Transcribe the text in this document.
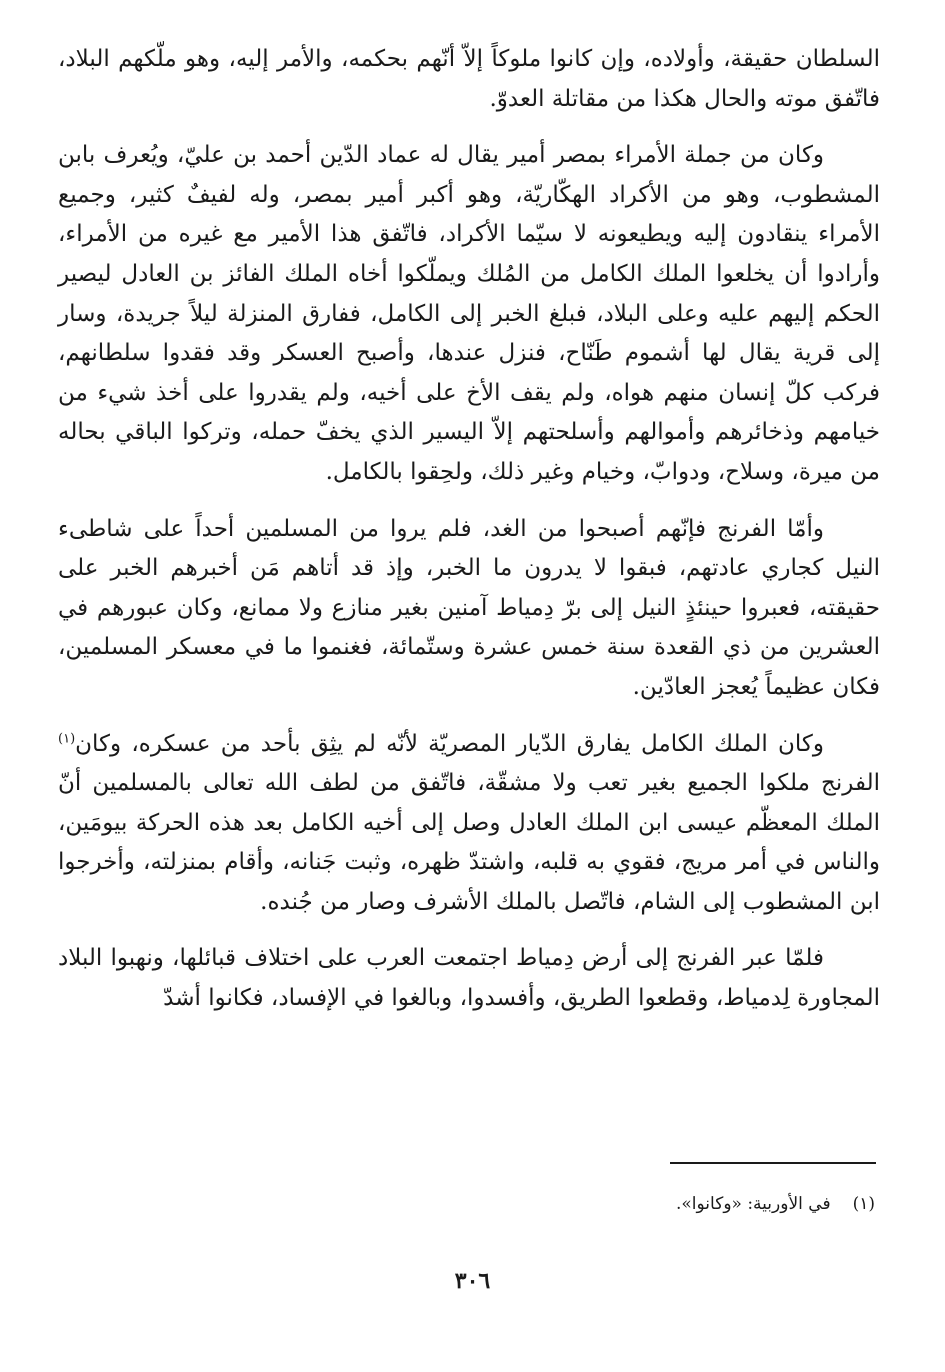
السلطان حقيقة، وأولاده، وإن كانوا ملوكاً إلاّ أنّهم بحكمه، والأمر إليه، وهو ملّكهم البلاد، فاتّفق موته والحال هكذا من مقاتلة العدوّ.

وكان من جملة الأمراء بمصر أمير يقال له عماد الدّين أحمد بن عليّ، ويُعرف بابن المشطوب، وهو من الأكراد الهكّاريّة، وهو أكبر أمير بمصر، وله لفيفٌ كثير، وجميع الأمراء ينقادون إليه ويطيعونه لا سيّما الأكراد، فاتّفق هذا الأمير مع غيره من الأمراء، وأرادوا أن يخلعوا الملك الكامل من المُلك ويملّكوا أخاه الملك الفائز بن العادل ليصير الحكم إليهم عليه وعلى البلاد، فبلغ الخبر إلى الكامل، ففارق المنزلة ليلاً جريدة، وسار إلى قرية يقال لها أشموم طَنّاح، فنزل عندها، وأصبح العسكر وقد فقدوا سلطانهم، فركب كلّ إنسان منهم هواه، ولم يقف الأخ على أخيه، ولم يقدروا على أخذ شيء من خيامهم وذخائرهم وأموالهم وأسلحتهم إلاّ اليسير الذي يخفّ حمله، وتركوا الباقي بحاله من ميرة، وسلاح، ودوابّ، وخيام وغير ذلك، ولحِقوا بالكامل.

وأمّا الفرنج فإنّهم أصبحوا من الغد، فلم يروا من المسلمين أحداً على شاطىء النيل كجاري عادتهم، فبقوا لا يدرون ما الخبر، وإذ قد أتاهم مَن أخبرهم الخبر على حقيقته، فعبروا حينئذٍ النيل إلى برّ دِمياط آمنين بغير منازع ولا ممانع، وكان عبورهم في العشرين من ذي القعدة سنة خمس عشرة وستّمائة، فغنموا ما في معسكر المسلمين، فكان عظيماً يُعجز العادّين.

وكان الملك الكامل يفارق الدّيار المصريّة لأنّه لم يثِق بأحد من عسكره، وكان$^{(١)}$ الفرنج ملكوا الجميع بغير تعب ولا مشقّة، فاتّفق من لطف الله تعالى بالمسلمين أنّ الملك المعظّم عيسى ابن الملك العادل وصل إلى أخيه الكامل بعد هذه الحركة بيومَين، والناس في أمر مريج، فقوي به قلبه، واشتدّ ظهره، وثبت جَنانه، وأقام بمنزلته، وأخرجوا ابن المشطوب إلى الشام، فاتّصل بالملك الأشرف وصار من جُنده.

فلمّا عبر الفرنج إلى أرض دِمياط اجتمعت العرب على اختلاف قبائلها، ونهبوا البلاد المجاورة لِدمياط، وقطعوا الطريق، وأفسدوا، وبالغوا في الإفساد، فكانوا أشدّ

(١)في الأوربية: «وكانوا».
٣٠٦
